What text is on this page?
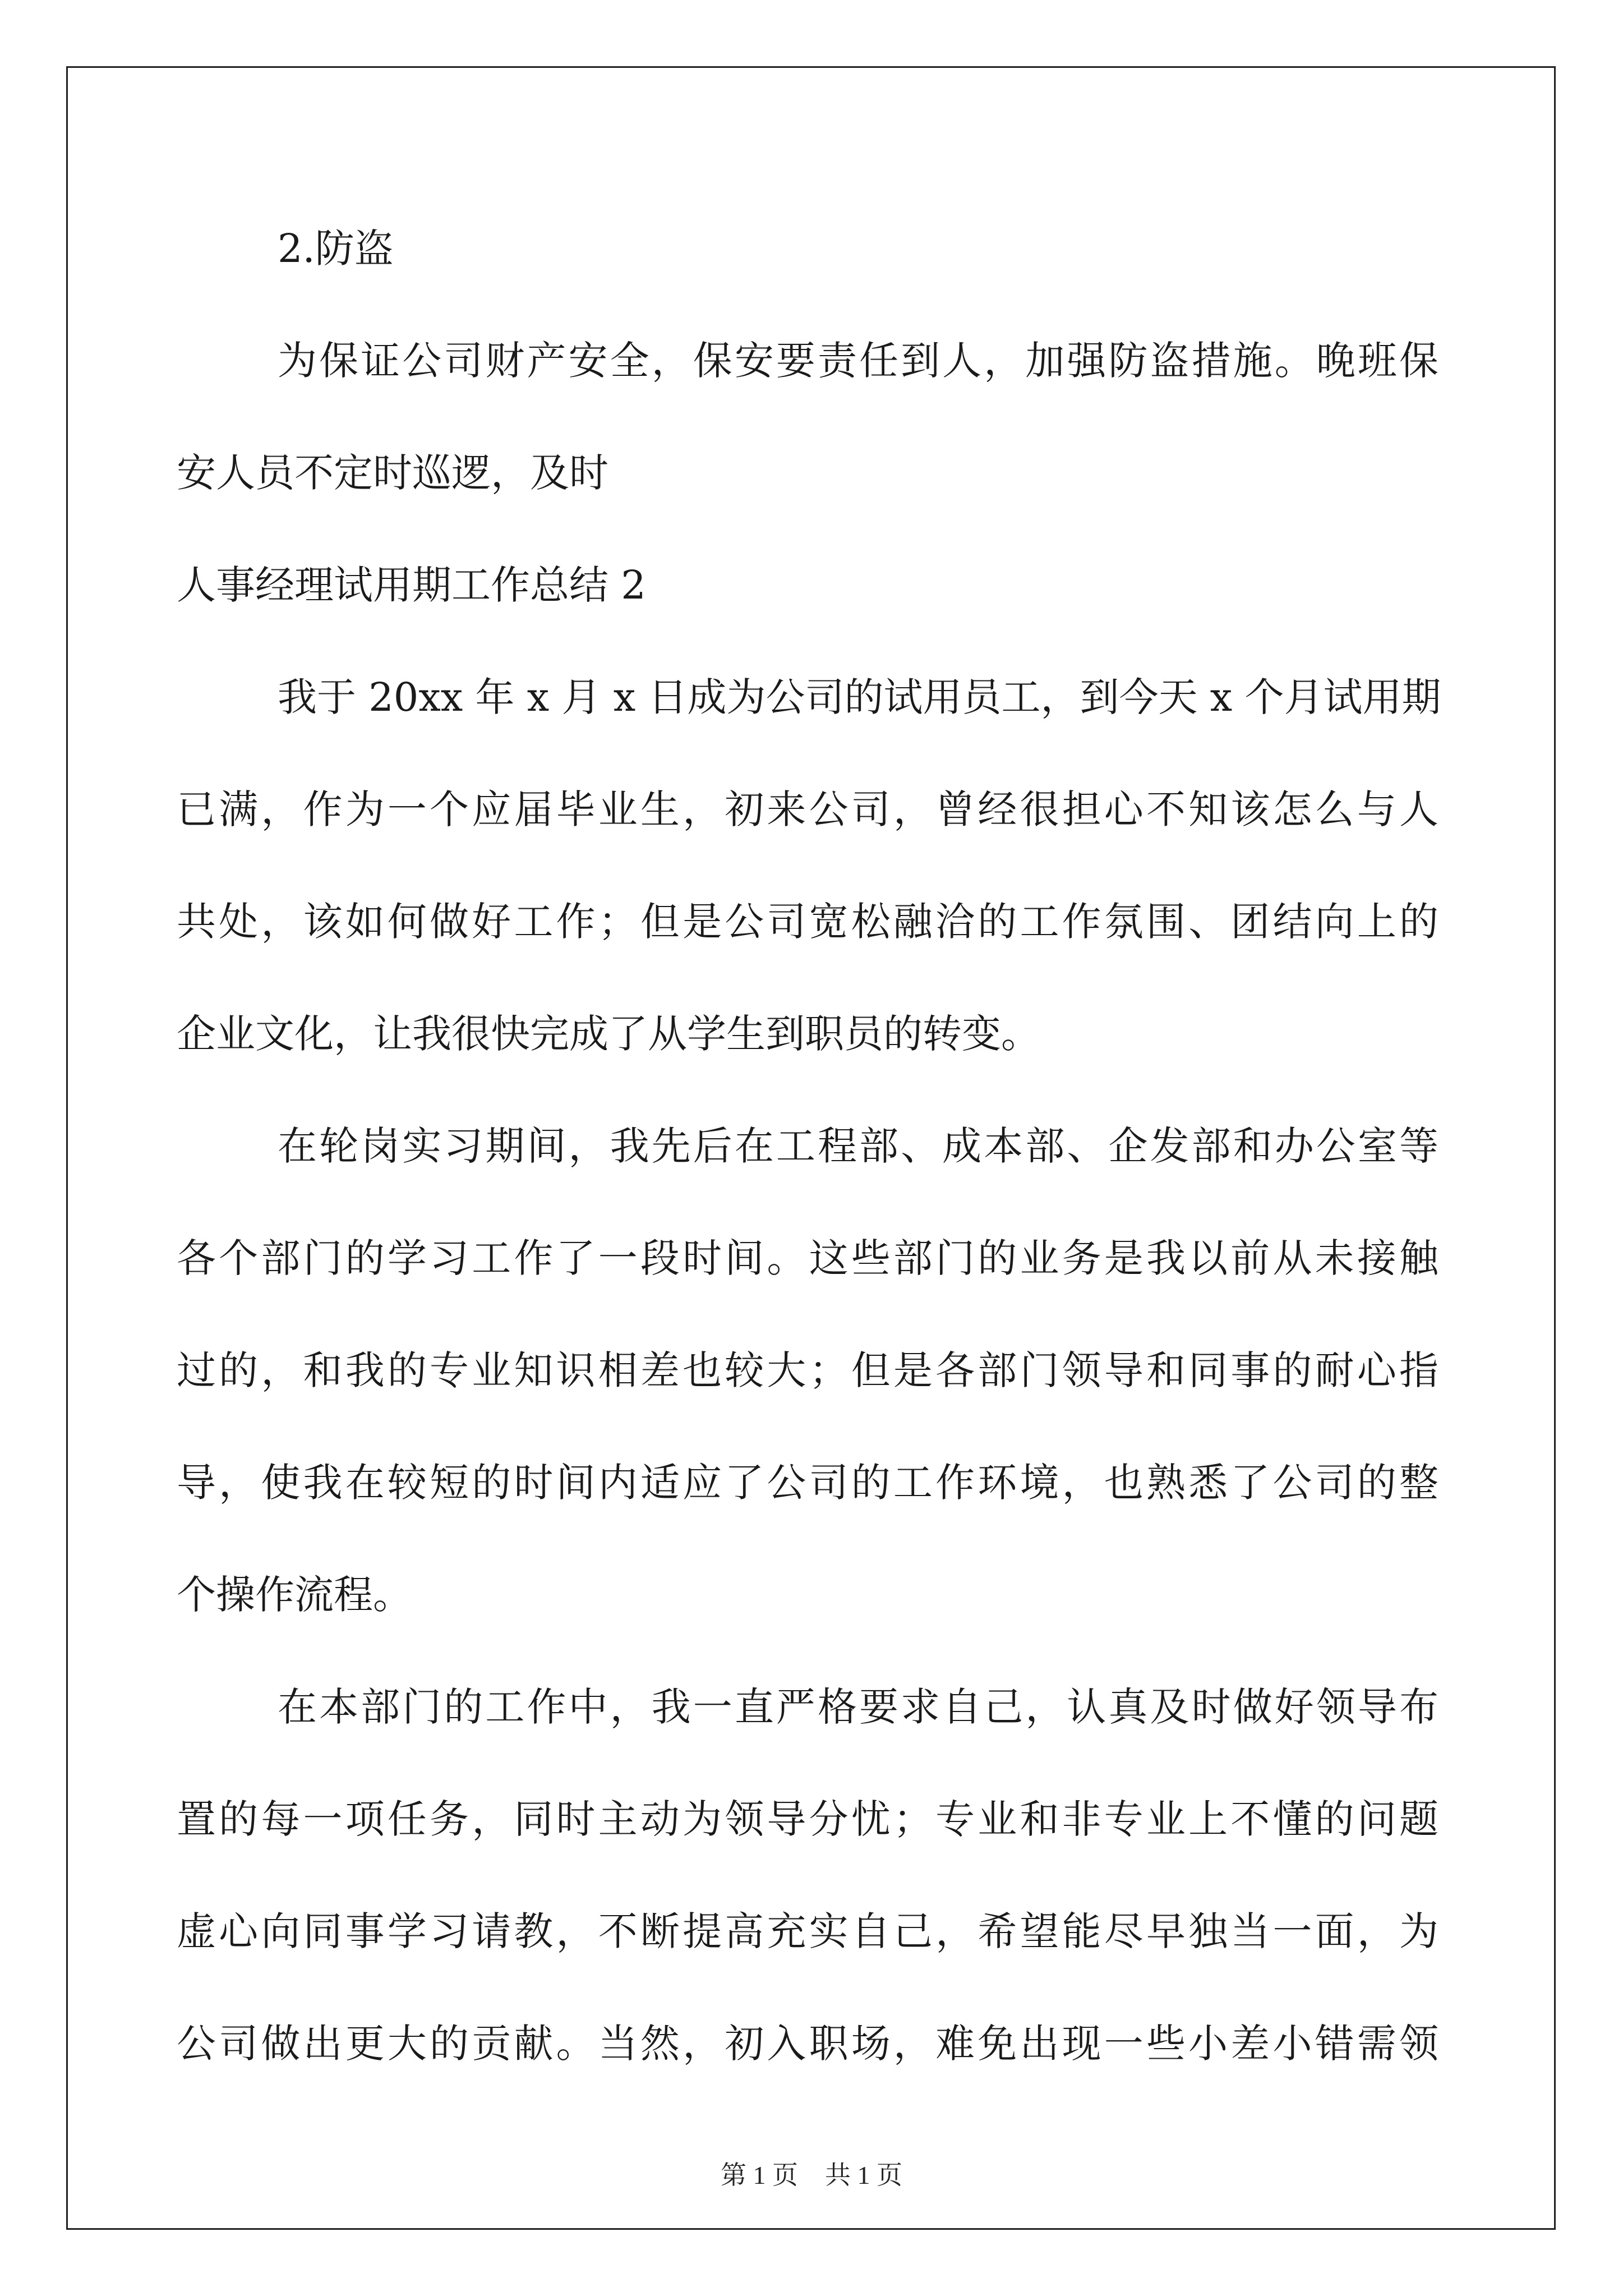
2.防盗
为保证公司财产安全，保安要责任到人，加强防盗措施。晚班保
安人员不定时巡逻，及时
人事经理试用期工作总结 2
我于 20xx 年 x 月 x 日成为公司的试用员工，到今天 x 个月试用期
已满，作为一个应届毕业生，初来公司，曾经很担心不知该怎么与人
共处，该如何做好工作；但是公司宽松融洽的工作氛围、团结向上的
企业文化，让我很快完成了从学生到职员的转变。
在轮岗实习期间，我先后在工程部、成本部、企发部和办公室等
各个部门的学习工作了一段时间。这些部门的业务是我以前从未接触
过的，和我的专业知识相差也较大；但是各部门领导和同事的耐心指
导，使我在较短的时间内适应了公司的工作环境，也熟悉了公司的整
个操作流程。
在本部门的工作中，我一直严格要求自己，认真及时做好领导布
置的每一项任务，同时主动为领导分忧；专业和非专业上不懂的问题
虚心向同事学习请教，不断提高充实自己，希望能尽早独当一面，为
公司做出更大的贡献。当然，初入职场，难免出现一些小差小错需领
第 1 页 共 1 页
